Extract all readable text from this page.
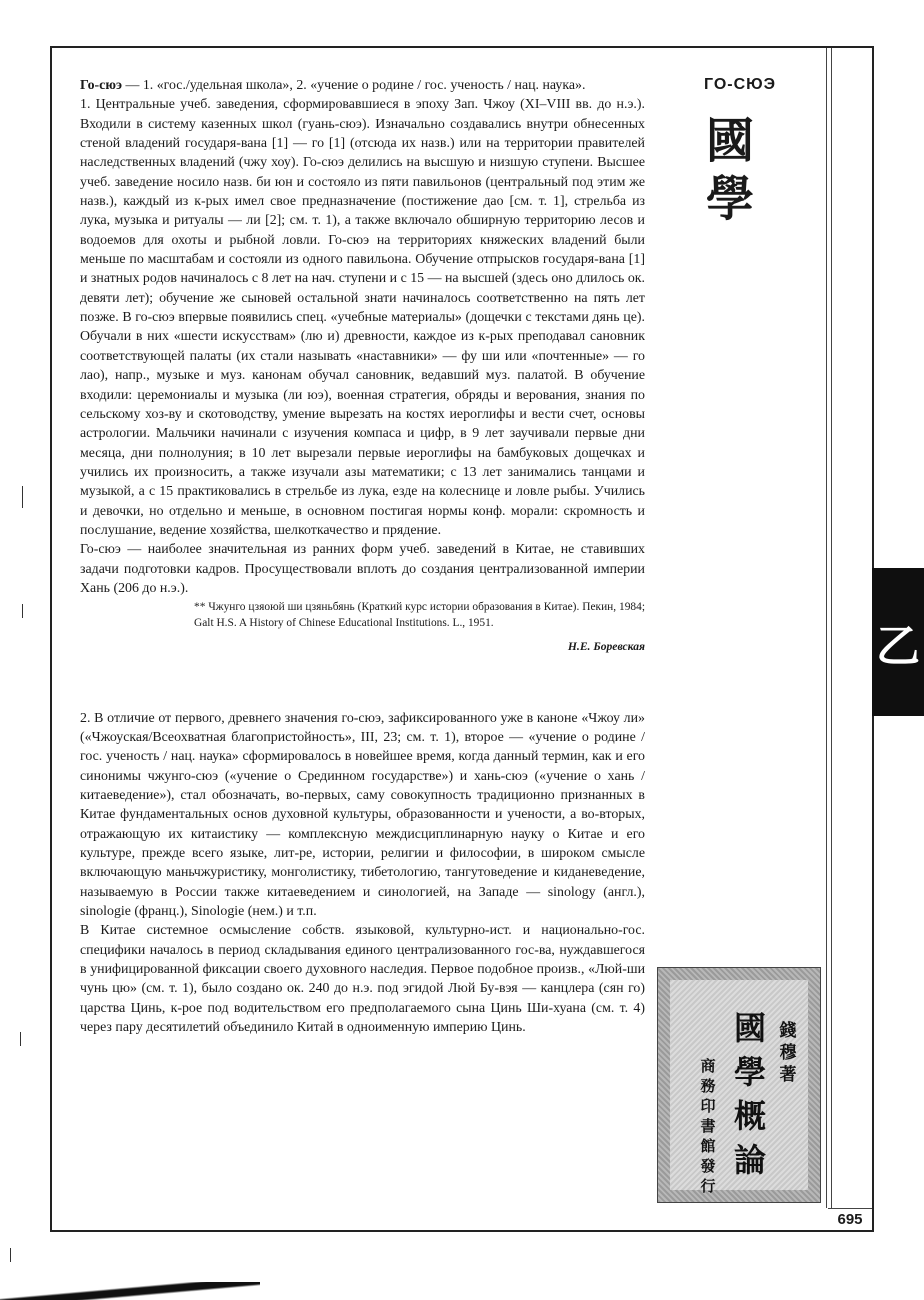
ГО-СЮЭ
國
學

Го-сюэ — 1. «гос./удельная школа», 2. «учение о родине / гос. ученость / нац. наука».

1. Центральные учеб. заведения, сформировавшиеся в эпоху Зап. Чжоу (XI–VIII вв. до н.э.). Входили в систему казенных школ (гуань-сюэ). Изначально создавались внутри обнесенных стеной владений государя-вана [1] — го [1] (отсюда их назв.) или на территории правителей наследственных владений (чжу хоу). Го-сюэ делились на высшую и низшую ступени. Высшее учеб. заведение носило назв. би юн и состояло из пяти павильонов (центральный под этим же назв.), каждый из к-рых имел свое предназначение (постижение дао [см. т. 1], стрельба из лука, музыка и ритуалы — ли [2]; см. т. 1), а также включало обширную территорию лесов и водоемов для охоты и рыбной ловли. Го-сюэ на территориях княжеских владений были меньше по масштабам и состояли из одного павильона. Обучение отпрысков государя-вана [1] и знатных родов начиналось с 8 лет на нач. ступени и с 15 — на высшей (здесь оно длилось ок. девяти лет); обучение же сыновей остальной знати начиналось соответственно на пять лет позже. В го-сюэ впервые появились спец. «учебные материалы» (дощечки с текстами дянь це). Обучали в них «шести искусствам» (лю и) древности, каждое из к-рых преподавал сановник соответствующей палаты (их стали называть «наставники» — фу ши или «почтенные» — го лао), напр., музыке и муз. канонам обучал сановник, ведавший муз. палатой. В обучение входили: церемониалы и музыка (ли юэ), военная стратегия, обряды и верования, знания по сельскому хоз-ву и скотоводству, умение вырезать на костях иероглифы и вести счет, основы астрологии. Мальчики начинали с изучения компаса и цифр, в 9 лет заучивали первые дни месяца, дни полнолуния; в 10 лет вырезали первые иероглифы на бамбуковых дощечках и учились их произносить, а также изучали азы математики; с 13 лет занимались танцами и музыкой, а с 15 практиковались в стрельбе из лука, езде на колеснице и ловле рыбы. Учились и девочки, но отдельно и меньше, в основном постигая нормы конф. морали: скромность и послушание, ведение хозяйства, шелкоткачество и прядение.

Го-сюэ — наиболее значительная из ранних форм учеб. заведений в Китае, не ставивших задачи подготовки кадров. Просуществовали вплоть до создания централизованной империи Хань (206 до н.э.).

** Чжунго цзяоюй ши цзяньбянь (Краткий курс истории образования в Китае). Пекин, 1984; Galt H.S. A History of Chinese Educational Institutions. L., 1951.

Н.Е. Боревская

2. В отличие от первого, древнего значения го-сюэ, зафиксированного уже в каноне «Чжоу ли» («Чжоуская/Всеохватная благопристойность», III, 23; см. т. 1), второе — «учение о родине / гос. ученость / нац. наука» сформировалось в новейшее время, когда данный термин, как и его синонимы чжунго-сюэ («учение о Срединном государстве») и хань-сюэ («учение о хань / китаеведение»), стал обозначать, во-первых, саму совокупность традиционно признанных в Китае фундаментальных основ духовной культуры, образованности и учености, а во-вторых, отражающую их китаистику — комплексную междисциплинарную науку о Китае и его культуре, прежде всего языке, лит-ре, истории, религии и философии, в широком смысле включающую маньчжуристику, монголистику, тибетологию, тангутоведение и киданеведение, называемую в России также китаеведением и синологией, на Западе — sinology (англ.), sinologie (франц.), Sinologie (нем.) и т.п.

В Китае системное осмысление собств. языковой, культурно-ист. и национально-гос. специфики началось в период складывания единого централизованного гос-ва, нуждавшегося в унифицированной фиксации своего духовного наследия. Первое подобное произв., «Люй-ши чунь цю» (см. т. 1), было создано ок. 240 до н.э. под эгидой Люй Бу-вэя — канцлера (сян го) царства Цинь, к-рое под водительством его предполагаемого сына Цинь Ши-хуана (см. т. 4) через пару десятилетий объединило Китай в одноименную империю Цинь.

乙
國
學
概
論

錢
穆
著

商
務
印
書
館
發
行

695
